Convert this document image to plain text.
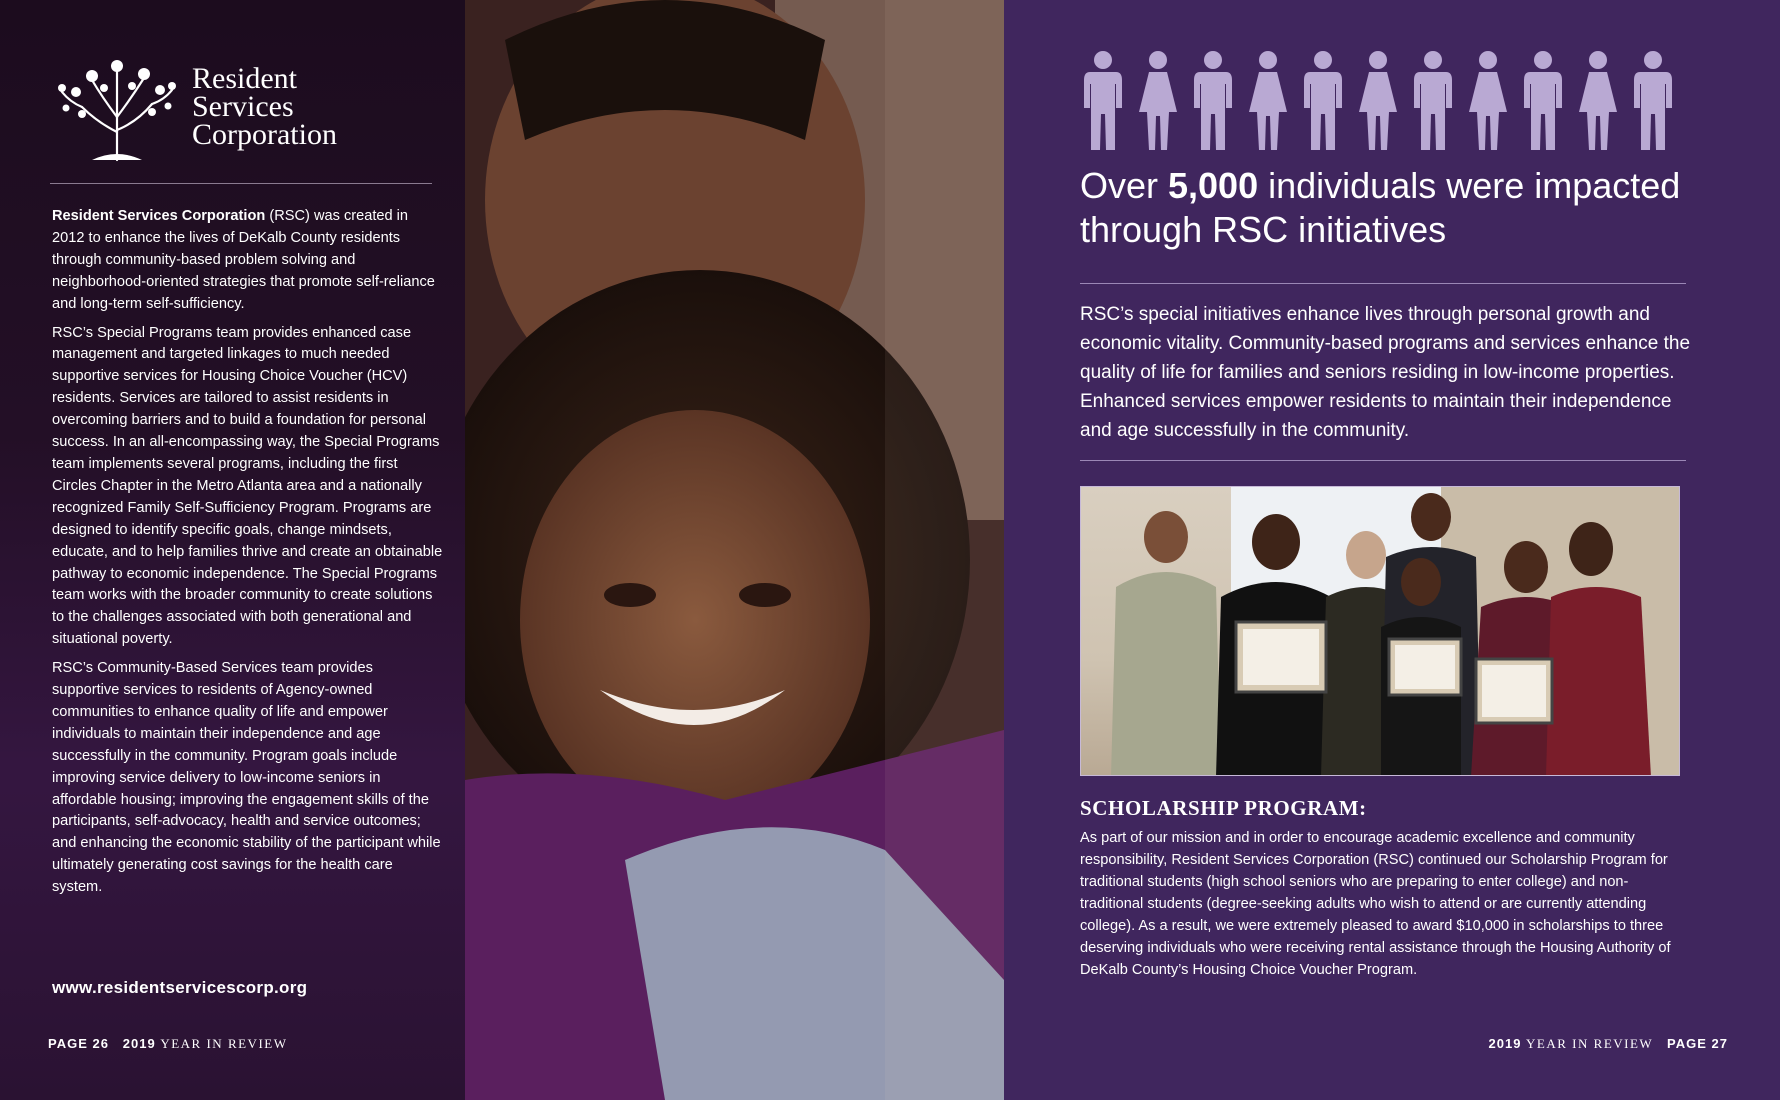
Resident
Services
Corporation

Resident Services Corporation (RSC) was created in 2012 to enhance the lives of DeKalb County residents through community-based problem solving and neighborhood-oriented strategies that promote self-reliance and long-term self-sufficiency.

RSC’s Special Programs team provides enhanced case management and targeted linkages to much needed supportive services for Housing Choice Voucher (HCV) residents. Services are tailored to assist residents in overcoming barriers and to build a foundation for personal success. In an all-encompassing way, the Special Programs team implements several programs, including the first Circles Chapter in the Metro Atlanta area and a nationally recognized Family Self-Sufficiency Program. Programs are designed to identify specific goals, change mindsets, educate, and to help families thrive and create an obtainable pathway to economic independence. The Special Programs team works with the broader community to create solutions to the challenges associated with both generational and situational poverty.

RSC’s Community-Based Services team provides supportive services to residents of Agency-owned communities to enhance quality of life and empower individuals to maintain their independence and age successfully in the community. Program goals include improving service delivery to low-income seniors in affordable housing; improving the engagement skills of the participants, self-advocacy, health and service outcomes; and enhancing the economic stability of the participant while ultimately generating cost savings for the health care system.

www.residentservicescorp.org
PAGE 26 2019 YEAR IN REVIEW
Over 5,000 individuals were impacted through RSC initiatives

RSC’s special initiatives enhance lives through personal growth and economic vitality. Community-based programs and services enhance the quality of life for families and seniors residing in low-income properties. Enhanced services empower residents to maintain their independence and age successfully in the community.

SCHOLARSHIP PROGRAM:

As part of our mission and in order to encourage academic excellence and community responsibility, Resident Services Corporation (RSC) continued our Scholarship Program for traditional students (high school seniors who are preparing to enter college) and non-traditional students (degree-seeking adults who wish to attend or are currently attending college). As a result, we were extremely pleased to award $10,000 in scholarships to three deserving individuals who were receiving rental assistance through the Housing Authority of DeKalb County’s Housing Choice Voucher Program.

2019 YEAR IN REVIEW PAGE 27
